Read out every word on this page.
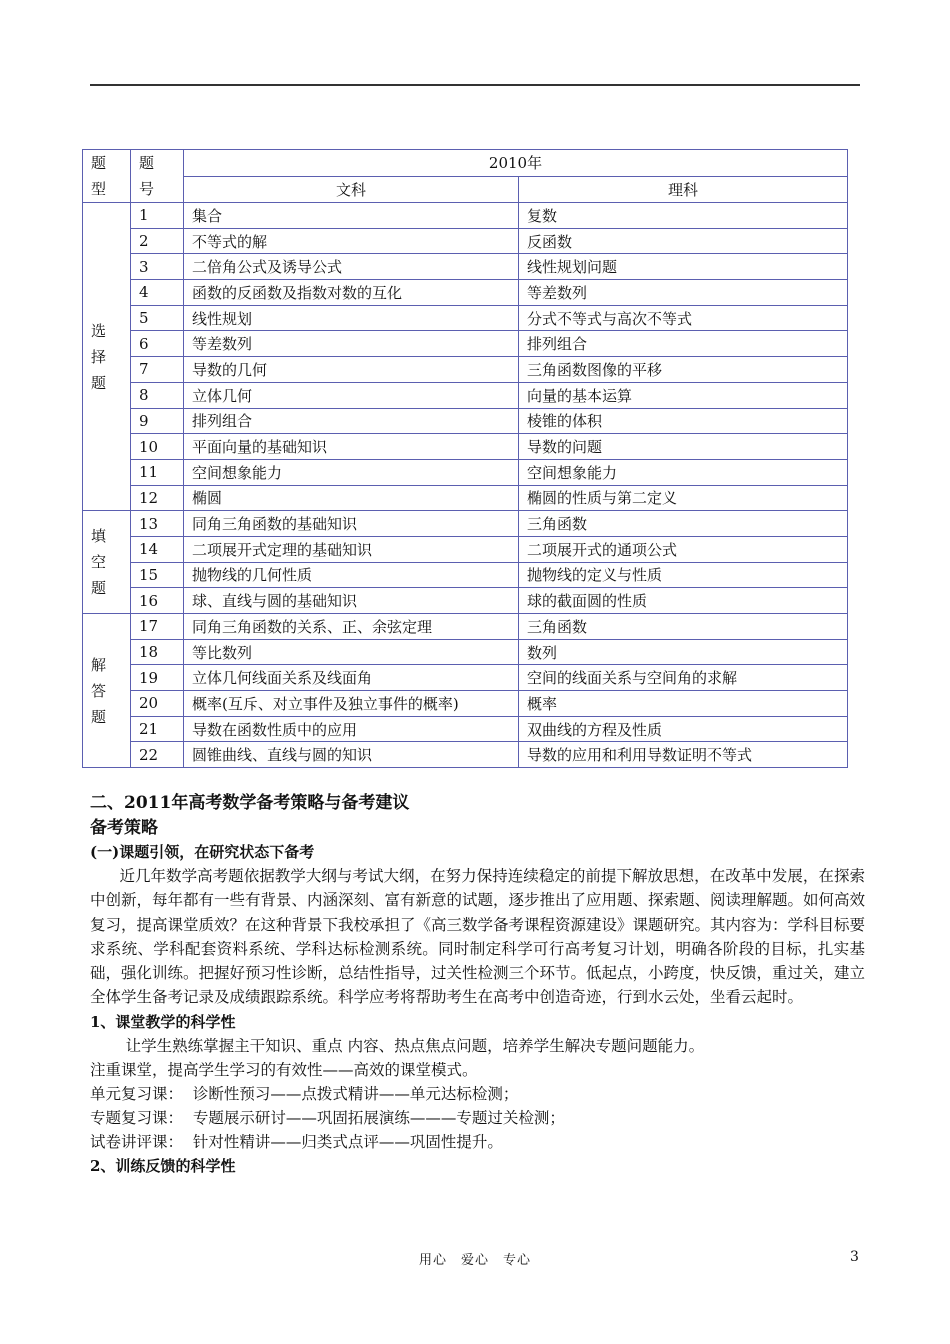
题型	题号	2010年	
		文科	理科

选择题	1	集合	复数
	2	不等式的解	反函数
	3	二倍角公式及诱导公式	线性规划问题
	4	函数的反函数及指数对数的互化	等差数列
	5	线性规划	分式不等式与高次不等式
	6	等差数列	排列组合
	7	导数的几何	三角函数图像的平移
	8	立体几何	向量的基本运算
	9	排列组合	棱锥的体积
	10	平面向量的基础知识	导数的问题
	11	空间想象能力	空间想象能力
	12	椭圆	椭圆的性质与第二定义

填空题	13	同角三角函数的基础知识	三角函数
	14	二项展开式定理的基础知识	二项展开式的通项公式
	15	抛物线的几何性质	抛物线的定义与性质
	16	球、直线与圆的基础知识	球的截面圆的性质

解答题	17	同角三角函数的关系、正、余弦定理	三角函数
	18	等比数列	数列
	19	立体几何线面关系及线面角	空间的线面关系与空间角的求解
	20	概率(互斥、对立事件及独立事件的概率)	概率
	21	导数在函数性质中的应用	双曲线的方程及性质
	22	圆锥曲线、直线与圆的知识	导数的应用和利用导数证明不等式
二、2011年高考数学备考策略与备考建议
备考策略
(一)课题引领，在研究状态下备考
近几年数学高考题依据教学大纲与考试大纲，在努力保持连续稳定的前提下解放思想，在改革中发展，在探索中创新，每年都有一些有背景、内涵深刻、富有新意的试题，逐步推出了应用题、探索题、阅读理解题。如何高效复习，提高课堂质效？在这种背景下我校承担了《高三数学备考课程资源建设》课题研究。其内容为：学科目标要求系统、学科配套资料系统、学科达标检测系统。同时制定科学可行高考复习计划，明确各阶段的目标，扎实基础，强化训练。把握好预习性诊断，总结性指导，过关性检测三个环节。低起点，小跨度，快反馈，重过关，建立全体学生备考记录及成绩跟踪系统。科学应考将帮助考生在高考中创造奇迹，行到水云处，坐看云起时。
1、课堂教学的科学性
让学生熟练掌握主干知识、重点 内容、热点焦点问题，培养学生解决专题问题能力。
注重课堂，提高学生学习的有效性——高效的课堂模式。
单元复习课： 诊断性预习——点拨式精讲——单元达标检测；
专题复习课： 专题展示研讨——巩固拓展演练———专题过关检测；
试卷讲评课： 针对性精讲——归类式点评——巩固性提升。
2、训练反馈的科学性
用心　爱心　专心	3
